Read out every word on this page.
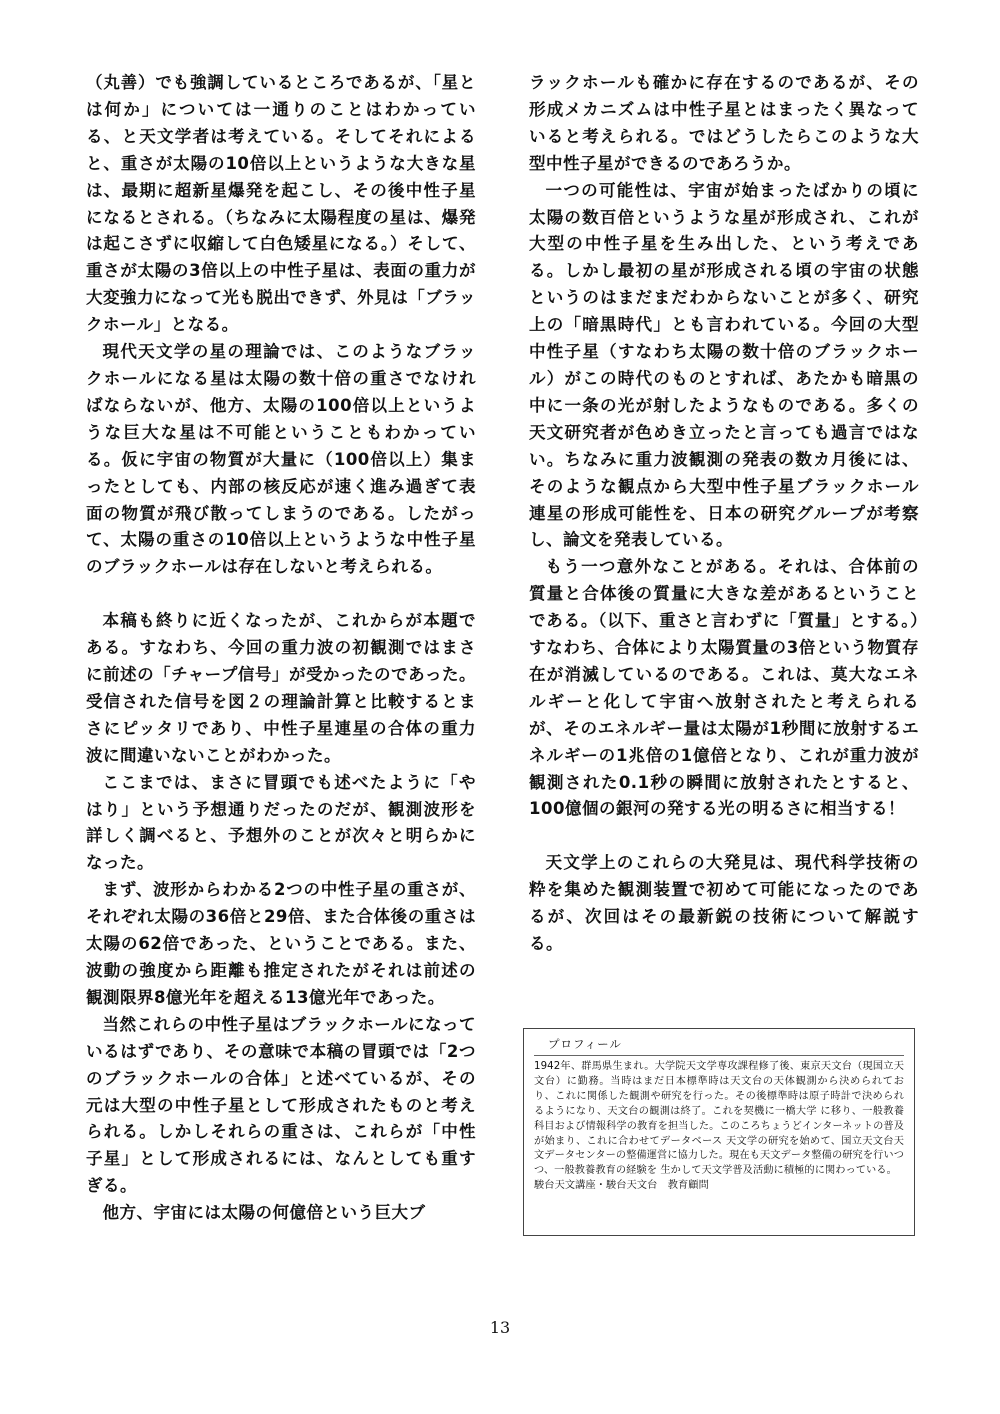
（丸善）でも強調しているところであるが、「星とは何か」については一通りのことはわかっている、と天文学者は考えている。そしてそれによると、重さが太陽の10倍以上というような大きな星は、最期に超新星爆発を起こし、その後中性子星になるとされる。（ちなみに太陽程度の星は、爆発は起こさずに収縮して白色矮星になる。）そして、重さが太陽の3倍以上の中性子星は、表面の重力が大変強力になって光も脱出できず、外見は「ブラックホール」となる。

現代天文学の星の理論では、このようなブラックホールになる星は太陽の数十倍の重さでなければならないが、他方、太陽の100倍以上というような巨大な星は不可能ということもわかっている。仮に宇宙の物質が大量に（100倍以上）集まったとしても、内部の核反応が速く進み過ぎて表面の物質が飛び散ってしまうのである。したがって、太陽の重さの10倍以上というような中性子星のブラックホールは存在しないと考えられる。

本稿も終りに近くなったが、これからが本題である。すなわち、今回の重力波の初観測ではまさに前述の「チャープ信号」が受かったのであった。受信された信号を図２の理論計算と比較するとまさにピッタリであり、中性子星連星の合体の重力波に間違いないことがわかった。

ここまでは、まさに冒頭でも述べたように「やはり」という予想通りだったのだが、観測波形を詳しく調べると、予想外のことが次々と明らかになった。

まず、波形からわかる2つの中性子星の重さが、それぞれ太陽の36倍と29倍、また合体後の重さは太陽の62倍であった、ということである。また、波動の強度から距離も推定されたがそれは前述の観測限界8億光年を超える13億光年であった。

当然これらの中性子星はブラックホールになっているはずであり、その意味で本稿の冒頭では「2つのブラックホールの合体」と述べているが、その元は大型の中性子星として形成されたものと考えられる。しかしそれらの重さは、これらが「中性子星」として形成されるには、なんとしても重すぎる。

他方、宇宙には太陽の何億倍という巨大ブ

ラックホールも確かに存在するのであるが、その形成メカニズムは中性子星とはまったく異なっていると考えられる。ではどうしたらこのような大型中性子星ができるのであろうか。

一つの可能性は、宇宙が始まったばかりの頃に太陽の数百倍というような星が形成され、これが大型の中性子星を生み出した、という考えである。しかし最初の星が形成される頃の宇宙の状態というのはまだまだわからないことが多く、研究上の「暗黒時代」とも言われている。今回の大型中性子星（すなわち太陽の数十倍のブラックホール）がこの時代のものとすれば、あたかも暗黒の中に一条の光が射したようなものである。多くの天文研究者が色めき立ったと言っても過言ではない。ちなみに重力波観測の発表の数カ月後には、そのような観点から大型中性子星ブラックホール連星の形成可能性を、日本の研究グループが考察し、論文を発表している。

もう一つ意外なことがある。それは、合体前の質量と合体後の質量に大きな差があるということである。（以下、重さと言わずに「質量」とする。）すなわち、合体により太陽質量の3倍という物質存在が消滅しているのである。これは、莫大なエネルギーと化して宇宙へ放射されたと考えられるが、そのエネルギー量は太陽が1秒間に放射するエネルギーの1兆倍の1億倍となり、これが重力波が観測された0.1秒の瞬間に放射されたとすると、100億個の銀河の発する光の明るさに相当する！

天文学上のこれらの大発見は、現代科学技術の粋を集めた観測装置で初めて可能になったのであるが、次回はその最新鋭の技術について解説する。

プロフィール
1942年、群馬県生まれ。大学院天文学専攻課程修了後、東京天文台（現国立天文台）に勤務。当時はまだ日本標準時は天文台の天体観測から決められており、これに関係した観測や研究を行った。その後標準時は原子時計で決められるようになり、天文台の観測は終了。これを契機に一橋大学 に移り、一般教養科目および情報科学の教育を担当した。このころちょうどインターネットの普及が始まり、これに合わせてデータベース 天文学の研究を始めて、国立天文台天文データセンターの整備運営に協力した。現在も天文データ整備の研究を行いつつ、一般教養教育の経験を 生かして天文学普及活動に積極的に関わっている。
駿台天文講座・駿台天文台　教育顧問
13
